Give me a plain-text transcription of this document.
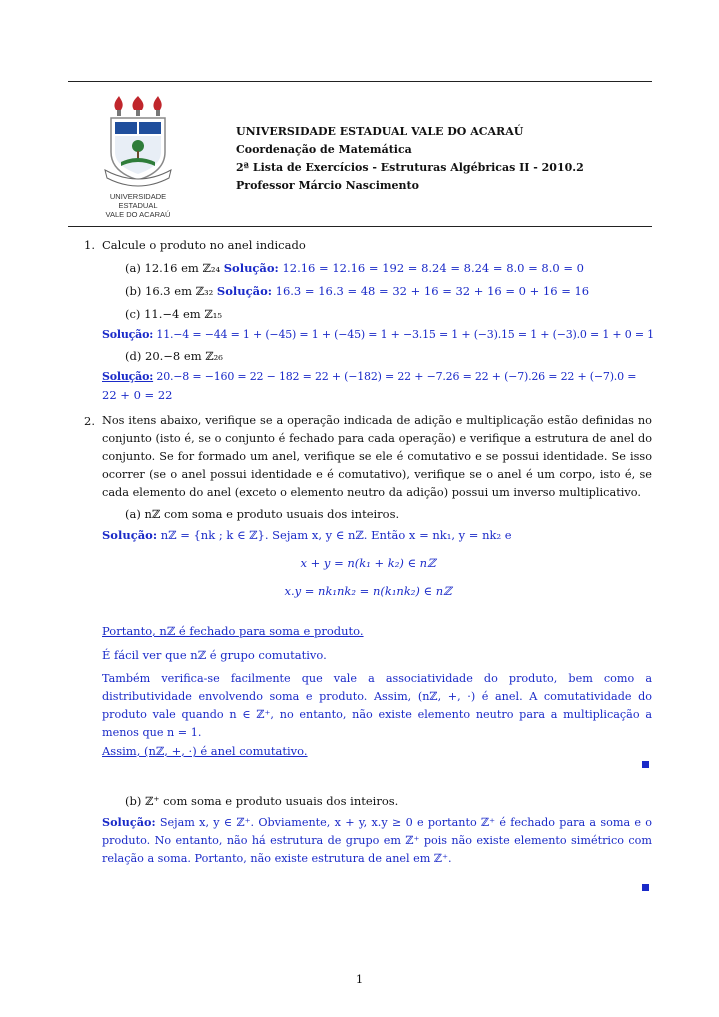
UNIVERSIDADE ESTADUAL
VALE DO ACARAÚ
UNIVERSIDADE ESTADUAL VALE DO ACARAÚ
Coordenação de Matemática
2ª Lista de Exercícios - Estruturas Algébricas II - 2010.2
Professor Márcio Nascimento
1. Calcule o produto no anel indicado
(a) 12.16 em ℤ₂₄ Solução: 12.16 = 12.16 = 192 = 8.24 = 8.24 = 8.0 = 8.0 = 0
(b) 16.3 em ℤ₃₂ Solução: 16.3 = 16.3 = 48 = 32 + 16 = 32 + 16 = 0 + 16 = 16
(c) 11.−4 em ℤ₁₅
Solução: 11.−4 = −44 = 1 + (−45) = 1 + (−45) = 1 + −3.15 = 1 + (−3).15 = 1 + (−3).0 = 1 + 0 = 1
(d) 20.−8 em ℤ₂₆
Solução: 20.−8 = −160 = 22 − 182 = 22 + (−182) = 22 + −7.26 = 22 + (−7).26 = 22 + (−7).0 =
22 + 0 = 22
2. Nos itens abaixo, verifique se a operação indicada de adição e multiplicação estão definidas no conjunto (isto é, se o conjunto é fechado para cada operação) e verifique a estrutura de anel do conjunto. Se for formado um anel, verifique se ele é comutativo e se possui identidade. Se isso ocorrer (se o anel possui identidade e é comutativo), verifique se o anel é um corpo, isto é, se cada elemento do anel (exceto o elemento neutro da adição) possui um inverso multiplicativo.
(a) nℤ com soma e produto usuais dos inteiros.
Solução: nℤ = {nk ; k ∈ ℤ}. Sejam x, y ∈ nℤ. Então x = nk₁, y = nk₂ e
x + y = n(k₁ + k₂) ∈ nℤ
x.y = nk₁nk₂ = n(k₁nk₂) ∈ nℤ
Portanto, nℤ é fechado para soma e produto.
É fácil ver que nℤ é grupo comutativo.
Também verifica-se facilmente que vale a associatividade do produto, bem como a distributividade envolvendo soma e produto. Assim, (nℤ, +, ·) é anel. A comutatividade do produto vale quando n ∈ ℤ⁺, no entanto, não existe elemento neutro para a multiplicação a menos que n = 1.
Assim, (nℤ, +, ·) é anel comutativo.
(b) ℤ⁺ com soma e produto usuais dos inteiros.
Solução: Sejam x, y ∈ ℤ⁺. Obviamente, x + y, x.y ≥ 0 e portanto ℤ⁺ é fechado para a soma e o produto. No entanto, não há estrutura de grupo em ℤ⁺ pois não existe elemento simétrico com relação a soma. Portanto, não existe estrutura de anel em ℤ⁺.
1
